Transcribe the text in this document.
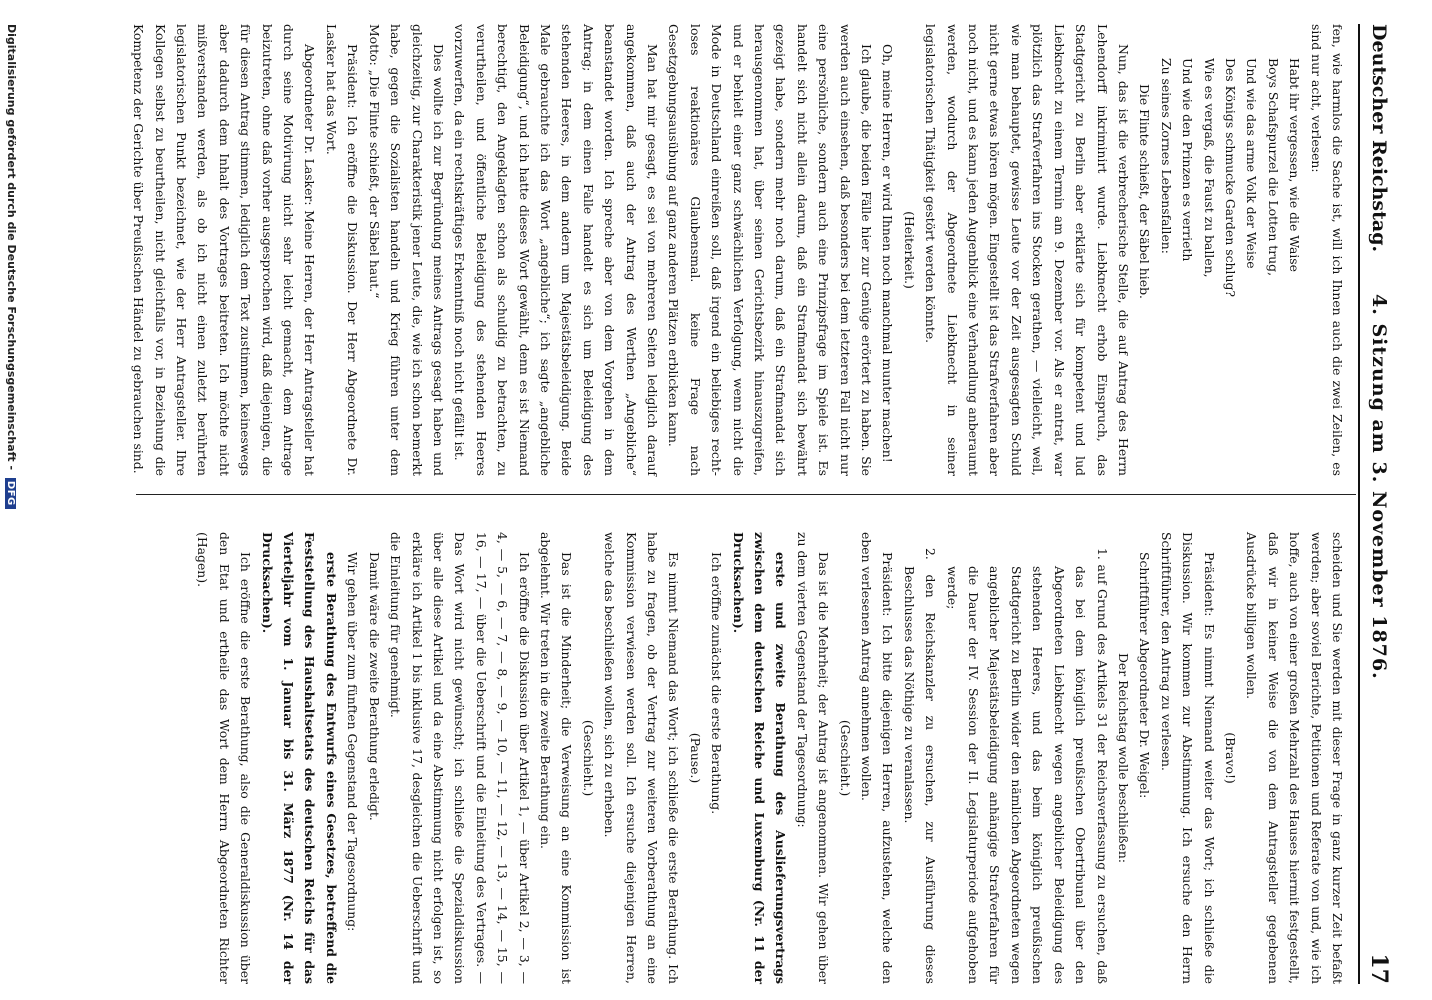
Deutscher Reichstag.
4. Sitzung am 3. November 1876.
17

fen, wie harmlos die Sache ist, will ich Ihnen auch die zwei Zeilen, es sind nur acht, verlesen:

Habt ihr vergessen, wie die Waise

Boys Schafspurzel die Lotten trug,

Und wie das arme Volk der Weise

Des Königs schmucke Garden schlug?

Wie es vergaß, die Faust zu ballen,

Und wie den Prinzen es verrieth

Zu seines Zornes Lebensfallen:

Die Flinte schießt, der Säbel hieb.

Nun, das ist die verbrecherische Stelle, die auf Antrag des Herrn Lehendorff inkriminirt wurde. Liebknecht erhob Einspruch, das Stadtgericht zu Berlin aber erklärte sich für kompetent und lud Liebknecht zu einem Termin am 9. Dezember vor. Als er antrat, war plötzlich das Strafverfahren ins Stocken gerathen, — vielleicht, weil, wie man behauptet, gewisse Leute vor der Zeit ausgesagten Schuld nicht gerne etwas hören mögen. Eingestellt ist das Strafverfahren aber noch nicht, und es kann jeden Augenblick eine Verhandlung anberaumt werden, wodurch der Abgeordnete Liebknecht in seiner legislatorischen Thätigkeit gestört werden könnte.

(Heiterkeit.)

Oh, meine Herren, er wird Ihnen noch manchmal munter machen!

Ich glaube, die beiden Fälle hier zur Genüge erörtert zu haben. Sie werden auch einsehen, daß besonders bei dem letzteren Fall nicht nur eine persönliche, sondern auch eine Prinzipsfrage im Spiele ist. Es handelt sich nicht allein darum, daß ein Strafmandat sich bewährt gezeigt habe, sondern mehr noch darum, daß ein Strafmandat sich herausgenommen hat, über seinen Gerichtsbezirk hinauszugreifen, und er behielt einer ganz schwächlichen Verfolgung, wenn nicht die Mode in Deutschland einreißen soll, daß irgend ein beliebiges recht-loses reaktionäres Glaubensmal. keine Frage nach Gesetzgebungsausübung auf ganz anderen Plätzen erblicken kann.

Man hat mir gesagt, es sei von mehreren Seiten lediglich darauf angekommen, daß auch der Antrag des Werthen „Angebliche“ beanstandet worden. Ich spreche aber von dem Vorgehen in dem Antrag; in dem einen Falle handelt es sich um Beleidigung des stehenden Heeres, in dem andern um Majestätsbeleidigung. Beide Male gebrauchte ich das Wort „angebliche“; ich sagte „angebliche Beleidigung“, und ich hatte dieses Wort gewählt, denn es ist Niemand berechtigt, den Angeklagten schon als schuldig zu betrachten, zu verurtheilen, und öffentliche Beleidigung des stehenden Heeres vorzuwerfen, da ein rechtskräftiges Erkenntniß noch nicht gefällt ist.

Dies wollte ich zur Begründung meines Antrags gesagt haben und gleichzeitig, zur Charakteristik jener Leute, die, wie ich schon bemerkt habe, gegen die Sozialisten handeln und Krieg führen unter dem Motto: „Die Flinte schießt, der Säbel haut.“

Präsident: Ich eröffne die Diskussion. Der Herr Abgeordnete Dr. Lasker hat das Wort.

Abgeordneter Dr. Lasker: Meine Herren, der Herr Antragsteller hat durch seine Motivirung nicht sehr leicht gemacht, dem Antrage beizutreten, ohne daß vorher ausgesprochen wird, daß diejenigen, die für diesen Antrag stimmen, lediglich dem Text zustimmen, keineswegs aber dadurch dem Inhalt des Vortrages beitreten. Ich möchte nicht mißverstanden werden, als ob ich nicht einen zuletzt berührten legislatorischen Punkt bezeichnet, wie der Herr Antragsteller. Ihre Kollegen selbst zu beurtheilen, nicht gleichfalls vor, in Beziehung die Kompetenz der Gerichte über Preußischen Händel zu gebrauchen sind.

scheiden und Sie werden mit dieser Frage in ganz kurzer Zeit befaßt werden; aber soviel Berichte, Petitionen und Referate von und, wie ich hoffe, auch von einer großen Mehrzahl des Hauses hiermit festgestellt, daß wir in keiner Weise die von dem Antragsteller gegebenen Ausdrücke billigen wollen.

(Bravo!)

Präsident: Es nimmt Niemand weiter das Wort; ich schließe die Diskussion. Wir kommen zur Abstimmung. Ich ersuche den Herrn Schriftführer, den Antrag zu verlesen.

Schriftführer Abgeordneter Dr. Weigel:

Der Reichstag wolle beschließen:

1. auf Grund des Artikels 31 der Reichsverfassung zu ersuchen, daß das bei dem königlich preußischen Obertribunal über den Abgeordneten Liebknecht wegen angeblicher Beleidigung des stehenden Heeres, und das beim königlich preußischen Stadtgericht zu Berlin wider den nämlichen Abgeordneten wegen angeblicher Majestätsbeleidigung anhängige Strafverfahren für die Dauer der IV. Session der II. Legislaturperiode aufgehoben werde;

2. den Reichskanzler zu ersuchen, zur Ausführung dieses Beschlusses das Nöthige zu veranlassen.

Präsident: Ich bitte diejenigen Herren, aufzustehen, welche den eben verlesenen Antrag annehmen wollen.

(Geschieht.)

Das ist die Mehrheit; der Antrag ist angenommen. Wir gehen über zu dem vierten Gegenstand der Tagesordnung:

erste und zweite Berathung des Auslieferungsvertrags zwischen dem deutschen Reiche und Luxemburg (Nr. 11 der Drucksachen).

Ich eröffne zunächst die erste Berathung.

(Pause.)

Es nimmt Niemand das Wort; ich schließe die erste Berathung. Ich habe zu fragen, ob der Vertrag zur weiteren Vorberathung an eine Kommission verwiesen werden soll. Ich ersuche diejenigen Herren, welche das beschließen wollen, sich zu erheben.

(Geschieht.)

Das ist die Minderheit; die Verweisung an eine Kommission ist abgelehnt. Wir treten in die zweite Berathung ein.

Ich eröffne die Diskussion über Artikel 1, — über Artikel 2, — 3, — 4, — 5, — 6, — 7, — 8, — 9, — 10, — 11, — 12, — 13, — 14, — 15, — 16, — 17, — über die Ueberschrift und die Einleitung des Vertrages. — Das Wort wird nicht gewünscht; ich schließe die Spezialdiskussion über alle diese Artikel und da eine Abstimmung nicht erfolgen ist, so erkläre ich Artikel 1 bis inklusive 17, desgleichen die Ueberschrift und die Einleitung für genehmigt.

Damit wäre die zweite Berathung erledigt.

Wir gehen über zum fünften Gegenstand der Tagesordnung:

erste Berathung des Entwurfs eines Gesetzes, betreffend die Feststellung des Haushaltsetats des deutschen Reichs für das Vierteljahr vom 1. Januar bis 31. März 1877 (Nr. 14 der Drucksachen).

Ich eröffne die erste Berathung, also die Generaldiskussion über den Etat und ertheile das Wort dem Herrn Abgeordneten Richter (Hagen).

Digitalisierung gefördert durch die Deutsche Forschungsgemeinschaft - DFG
